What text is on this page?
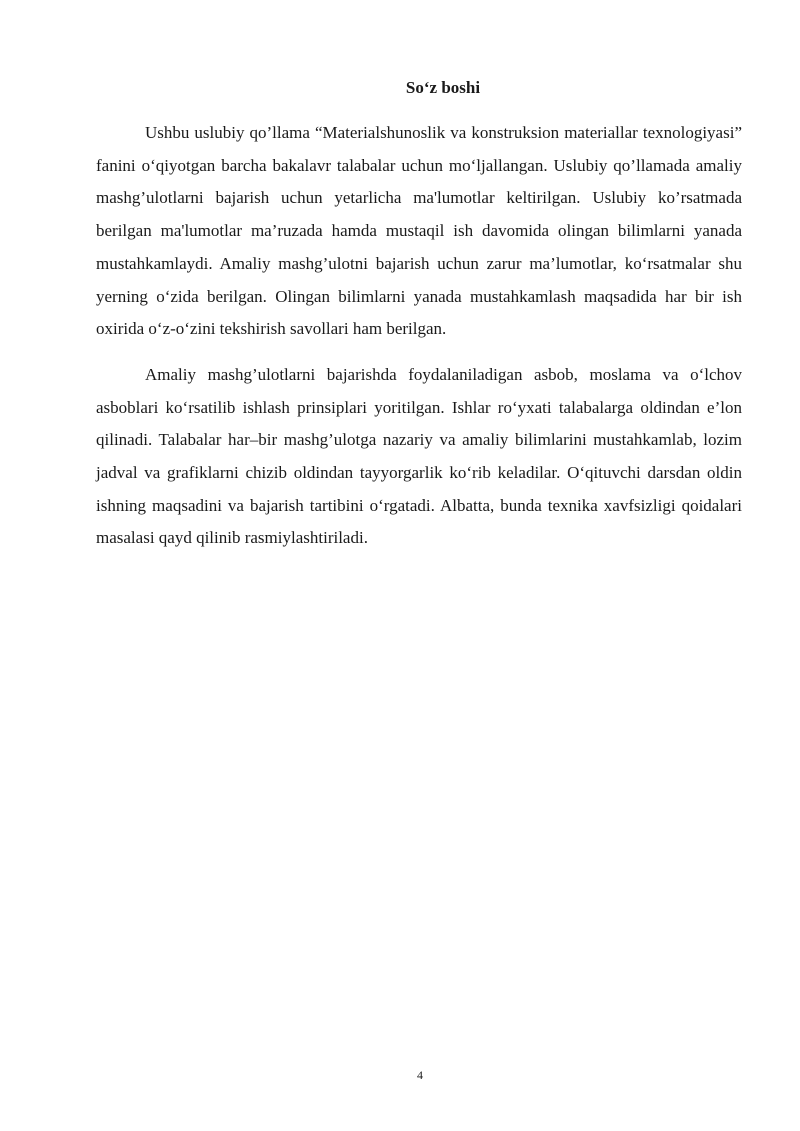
So‘z boshi

Ushbu uslubiy qo’llama “Materialshunoslik va konstruksion materiallar texnologiyasi” fanini o‘qiyotgan barcha bakalavr talabalar uchun mo‘ljallangan. Uslubiy qo’llamada amaliy mashg’ulotlarni bajarish uchun yetarlicha ma'lumotlar keltirilgan. Uslubiy ko’rsatmada berilgan ma'lumotlar ma’ruzada hamda mustaqil ish davomida olingan bilimlarni yanada mustahkamlaydi. Amaliy mashg’ulotni bajarish uchun zarur ma’lumotlar, ko‘rsatmalar shu yerning o‘zida berilgan. Olingan bilimlarni yanada mustahkamlash maqsadida har bir ish oxirida o‘z-o‘zini tekshirish savollari ham berilgan.

Amaliy mashg’ulotlarni bajarishda foydalaniladigan asbob, moslama va o‘lchov asboblari ko‘rsatilib ishlash prinsiplari yoritilgan. Ishlar ro‘yxati talabalarga oldindan e’lon qilinadi. Talabalar har–bir mashg’ulotga nazariy va amaliy bilimlarini mustahkamlab, lozim jadval va grafiklarni chizib oldindan tayyorgarlik ko‘rib keladilar. O‘qituvchi darsdan oldin ishning maqsadini va bajarish tartibini o‘rgatadi. Albatta, bunda texnika xavfsizligi qoidalari masalasi qayd qilinib rasmiylashtiriladi.

4
